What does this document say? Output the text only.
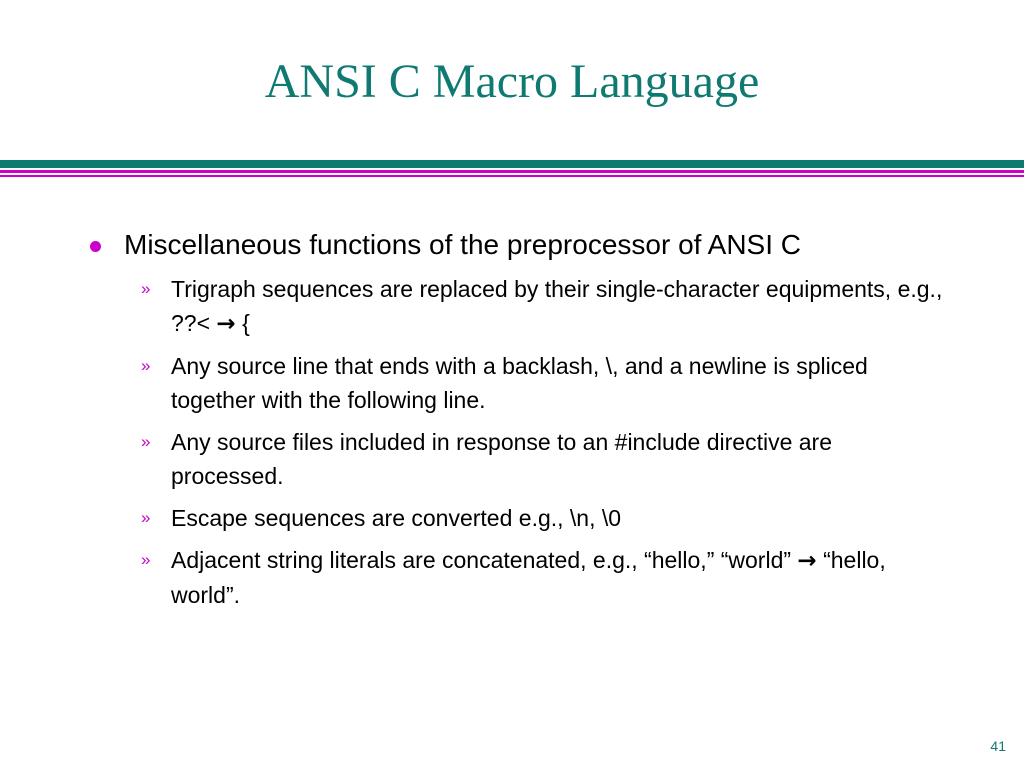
ANSI C Macro Language
Miscellaneous functions of the preprocessor of ANSI C
» Trigraph sequences are replaced by their single-character equipments, e.g., ??< → {
» Any source line that ends with a backlash, \, and a newline is spliced together with the following line.
» Any source files included in response to an #include directive are processed.
» Escape sequences are converted e.g., \n, \0
» Adjacent string literals are concatenated, e.g., “hello,” “world” → “hello, world”.
41
